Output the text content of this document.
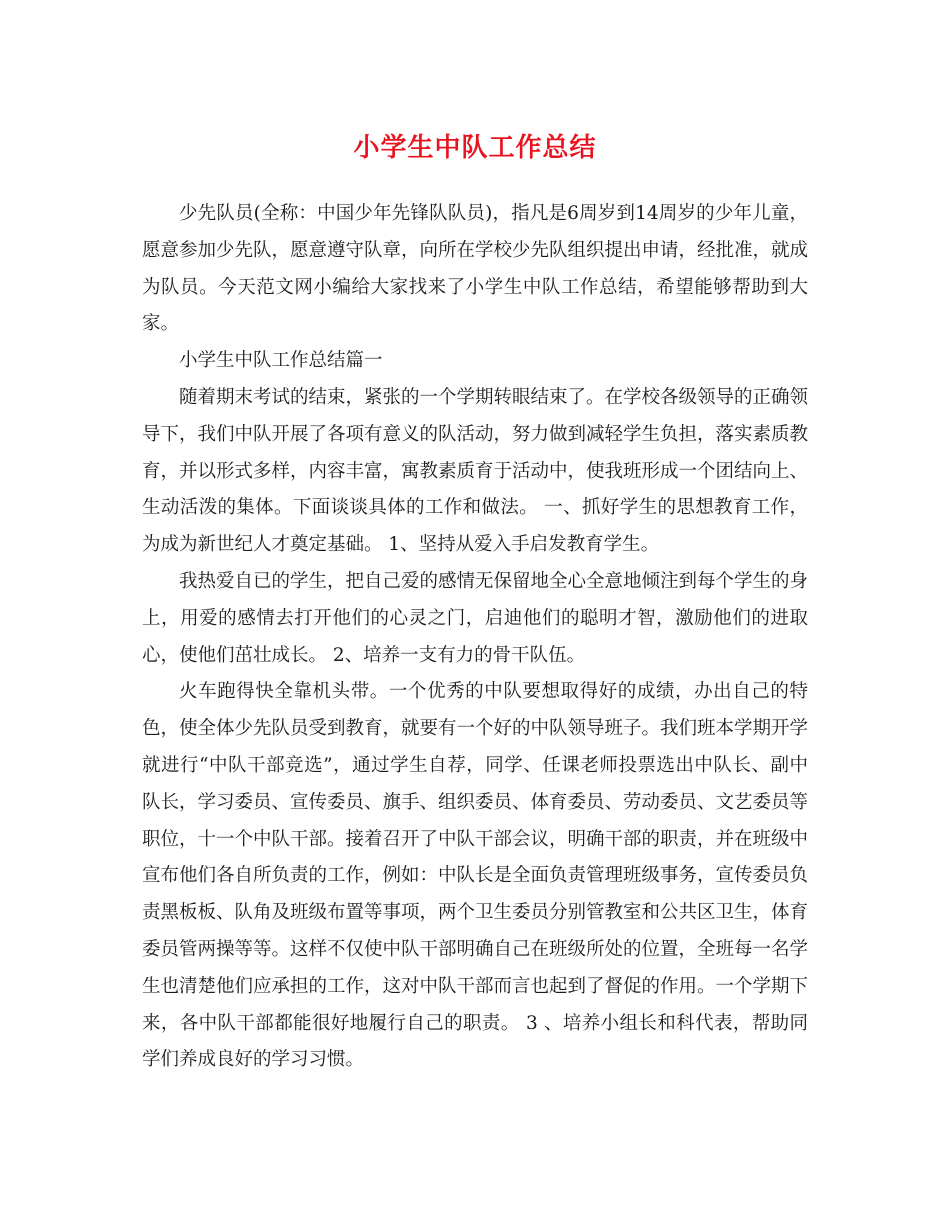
小学生中队工作总结

少先队员(全称：中国少年先锋队队员)，指凡是6周岁到14周岁的少年儿童，愿意参加少先队，愿意遵守队章，向所在学校少先队组织提出申请，经批准，就成为队员。今天范文网小编给大家找来了小学生中队工作总结，希望能够帮助到大家。

小学生中队工作总结篇一

随着期末考试的结束，紧张的一个学期转眼结束了。在学校各级领导的正确领导下，我们中队开展了各项有意义的队活动，努力做到减轻学生负担，落实素质教育，并以形式多样，内容丰富，寓教素质育于活动中，使我班形成一个团结向上、生动活泼的集体。下面谈谈具体的工作和做法。 一、抓好学生的思想教育工作，为成为新世纪人才奠定基础。 1、坚持从爱入手启发教育学生。

我热爱自已的学生，把自己爱的感情无保留地全心全意地倾注到每个学生的身上，用爱的感情去打开他们的心灵之门，启迪他们的聪明才智，激励他们的进取心，使他们茁壮成长。 2、培养一支有力的骨干队伍。

火车跑得快全靠机头带。一个优秀的中队要想取得好的成绩，办出自己的特色，使全体少先队员受到教育，就要有一个好的中队领导班子。我们班本学期开学就进行“中队干部竞选”，通过学生自荐，同学、任课老师投票选出中队长、副中队长，学习委员、宣传委员、旗手、组织委员、体育委员、劳动委员、文艺委员等职位，十一个中队干部。接着召开了中队干部会议，明确干部的职责，并在班级中宣布他们各自所负责的工作，例如：中队长是全面负责管理班级事务，宣传委员负责黑板板、队角及班级布置等事项，两个卫生委员分别管教室和公共区卫生，体育委员管两操等等。这样不仅使中队干部明确自己在班级所处的位置，全班每一名学生也清楚他们应承担的工作，这对中队干部而言也起到了督促的作用。一个学期下来，各中队干部都能很好地履行自己的职责。 3 、培养小组长和科代表，帮助同学们养成良好的学习习惯。
